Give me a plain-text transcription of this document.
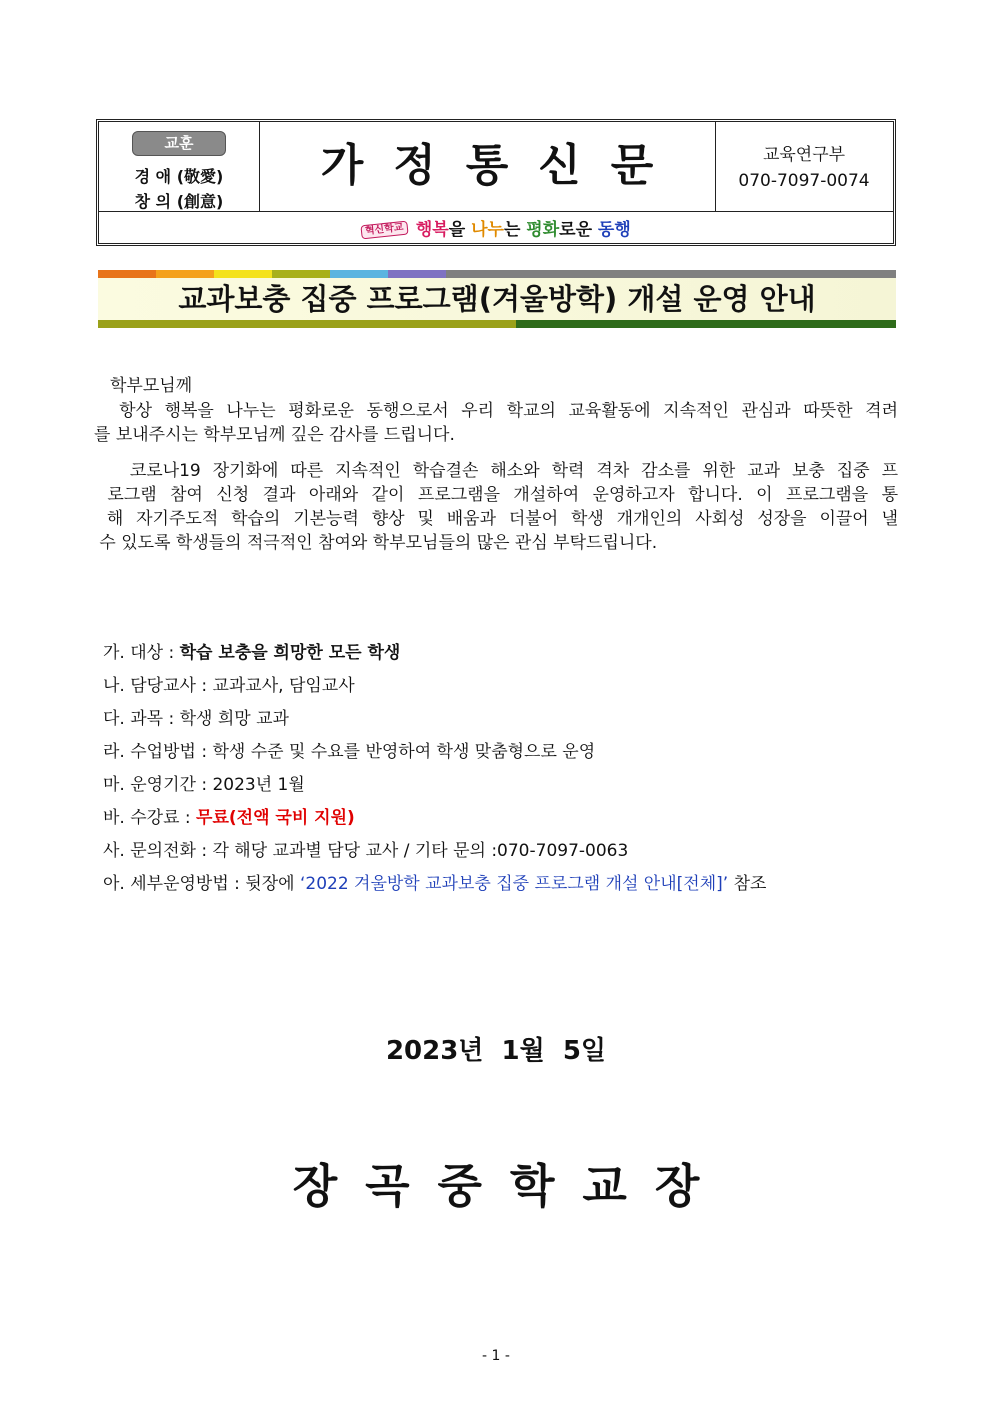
교훈
경 애 (敬愛)
창 의 (創意)
가정통신문	교육연구부
070-7097-0074
혁신학교 행복을 나누는 평화로운 동행
교과보충 집중 프로그램(겨울방학) 개설 운영 안내
학부모님께

항상 행복을 나누는 평화로운 동행으로서 우리 학교의 교육활동에 지속적인 관심과 따뜻한 격려

를 보내주시는 학부모님께 깊은 감사를 드립니다.

코로나19 장기화에 따른 지속적인 학습결손 해소와 학력 격차 감소를 위한 교과 보충 집중 프

로그램 참여 신청 결과 아래와 같이 프로그램을 개설하여 운영하고자 합니다. 이 프로그램을 통

해 자기주도적 학습의 기본능력 향상 및 배움과 더불어 학생 개개인의 사회성 성장을 이끌어 낼

수 있도록 학생들의 적극적인 참여와 학부모님들의 많은 관심 부탁드립니다.

가. 대상 : 학습 보충을 희망한 모든 학생
나. 담당교사 : 교과교사, 담임교사
다. 과목 : 학생 희망 교과
라. 수업방법 : 학생 수준 및 수요를 반영하여 학생 맞춤형으로 운영
마. 운영기간 : 2023년 1월
바. 수강료 : 무료(전액 국비 지원)
사. 문의전화 : 각 해당 교과별 담당 교사 / 기타 문의 :070-7097-0063
아. 세부운영방법 : 뒷장에 ‘2022 겨울방학 교과보충 집중 프로그램 개설 안내[전체]’ 참조
2023년  1월  5일
장곡중학교장
- 1 -
